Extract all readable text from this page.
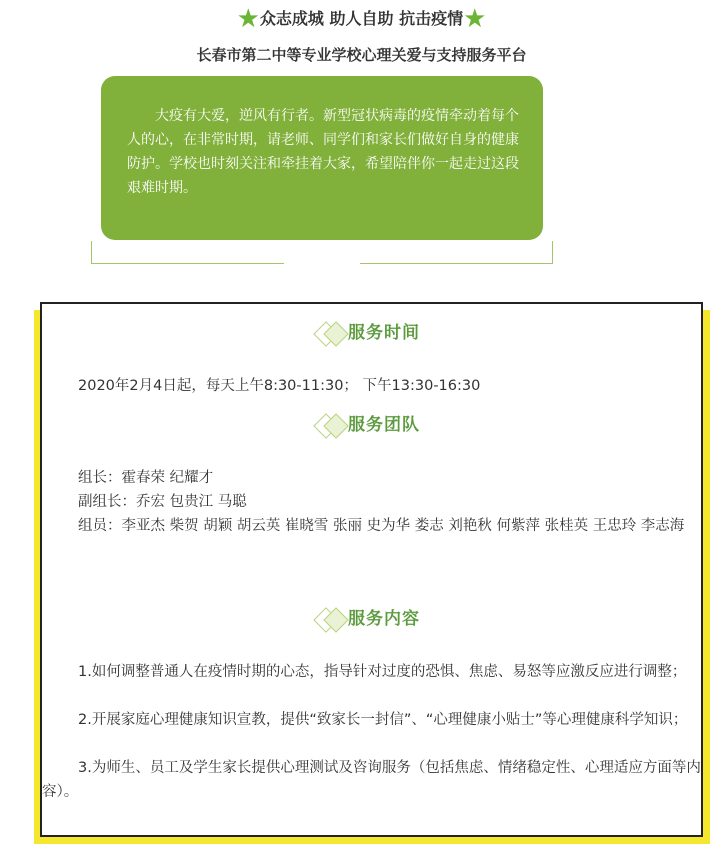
★众志成城 助人自助 抗击疫情★
长春市第二中等专业学校心理关爱与支持服务平台
大疫有大爱，逆风有行者。新型冠状病毒的疫情牵动着每个人的心，在非常时期，请老师、同学们和家长们做好自身的健康防护。学校也时刻关注和牵挂着大家，希望陪伴你一起走过这段艰难时期。
服务时间
2020年2月4日起，每天上午8:30-11:30； 下午13:30-16:30
服务团队
组长：霍春荣 纪耀才
副组长：乔宏 包贵江 马聪
组员：李亚杰 柴贺 胡颖 胡云英 崔晓雪 张丽 史为华 娄志 刘艳秋 何紫萍 张桂英 王忠玲 李志海
服务内容
1.如何调整普通人在疫情时期的心态，指导针对过度的恐惧、焦虑、易怒等应激反应进行调整；
2.开展家庭心理健康知识宣教，提供“致家长一封信”、“心理健康小贴士”等心理健康科学知识；
3.为师生、员工及学生家长提供心理测试及咨询服务（包括焦虑、情绪稳定性、心理适应方面等内容）。
